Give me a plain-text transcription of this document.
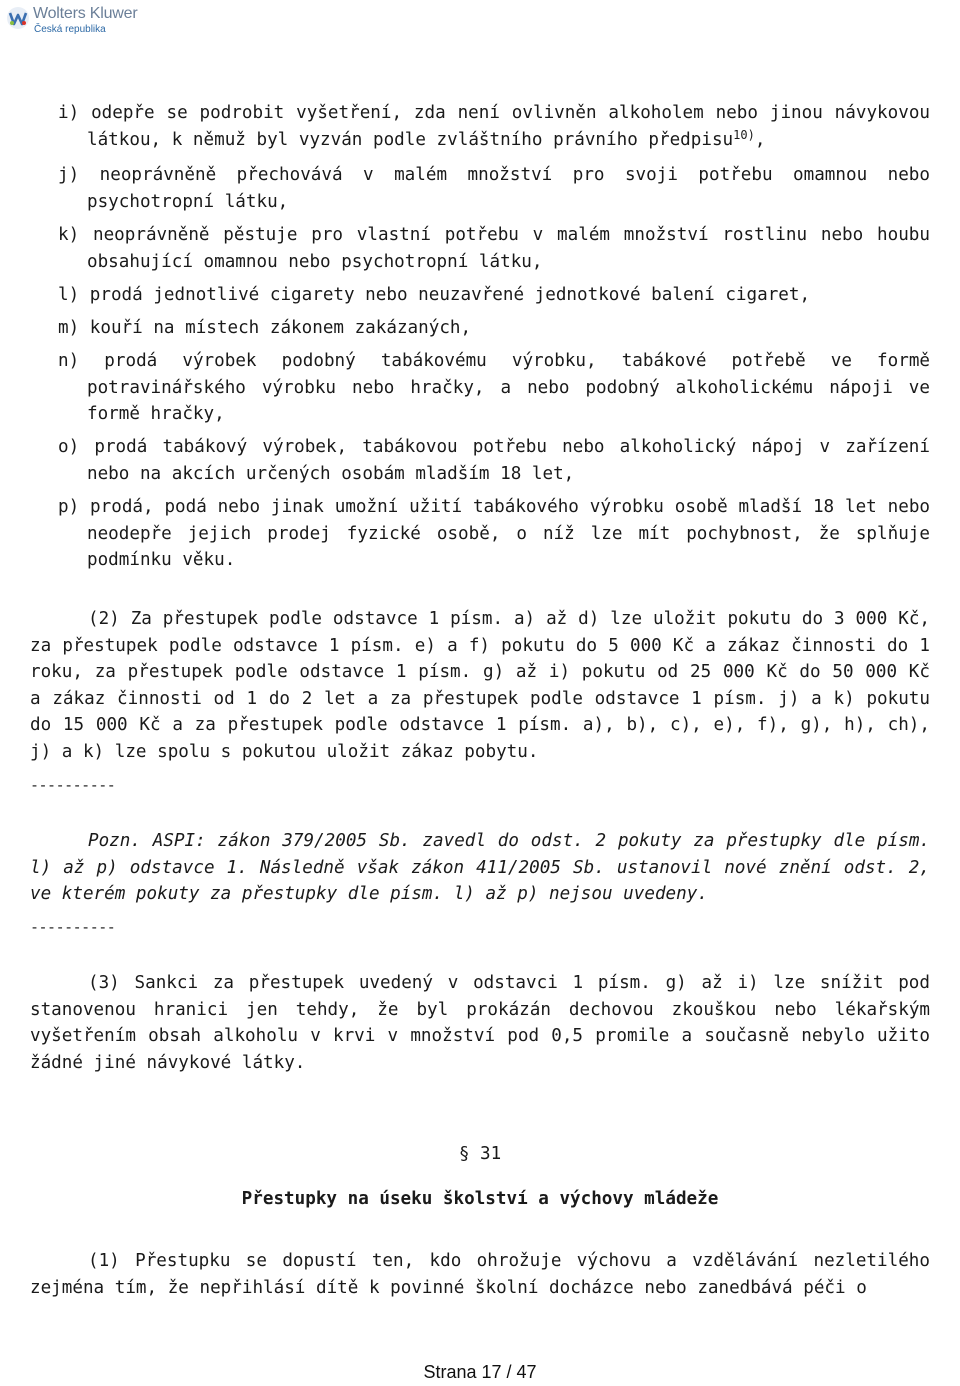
Wolters Kluwer
Česká republika
i) odepře se podrobit vyšetření, zda není ovlivněn alkoholem nebo jinou návykovou látkou, k němuž byl vyzván podle zvláštního právního předpisu$^{10)}$,
j) neoprávněně přechovává v malém množství pro svoji potřebu omamnou nebo psychotropní látku,
k) neoprávněně pěstuje pro vlastní potřebu v malém množství rostlinu nebo houbu obsahující omamnou nebo psychotropní látku,
l) prodá jednotlivé cigarety nebo neuzavřené jednotkové balení cigaret,
m) kouří na místech zákonem zakázaných,
n) prodá výrobek podobný tabákovému výrobku, tabákové potřebě ve formě potravinářského výrobku nebo hračky, a nebo podobný alkoholickému nápoji ve formě hračky,
o) prodá tabákový výrobek, tabákovou potřebu nebo alkoholický nápoj v zařízení nebo na akcích určených osobám mladším 18 let,
p) prodá, podá nebo jinak umožní užití tabákového výrobku osobě mladší 18 let nebo neodepře jejich prodej fyzické osobě, o níž lze mít pochybnost, že splňuje podmínku věku.
(2) Za přestupek podle odstavce 1 písm. a) až d) lze uložit pokutu do 3 000 Kč, za přestupek podle odstavce 1 písm. e) a f) pokutu do 5 000 Kč a zákaz činnosti do 1 roku, za přestupek podle odstavce 1 písm. g) až i) pokutu od 25 000 Kč do 50 000 Kč a zákaz činnosti od 1 do 2 let a za přestupek podle odstavce 1 písm. j) a k) pokutu do 15 000 Kč a za přestupek podle odstavce 1 písm. a), b), c), e), f), g), h), ch), j) a k) lze spolu s pokutou uložit zákaz pobytu.
----------
Pozn. ASPI: zákon 379/2005 Sb. zavedl do odst. 2 pokuty za přestupky dle písm. l) až p) odstavce 1. Následně však zákon 411/2005 Sb. ustanovil nové znění odst. 2, ve kterém pokuty za přestupky dle písm. l) až p) nejsou uvedeny.
----------
(3) Sankci za přestupek uvedený v odstavci 1 písm. g) až i) lze snížit pod stanovenou hranici jen tehdy, že byl prokázán dechovou zkouškou nebo lékařským vyšetřením obsah alkoholu v krvi v množství pod 0,5 promile a současně nebylo užito žádné jiné návykové látky.
§ 31
Přestupky na úseku školství a výchovy mládeže
(1) Přestupku se dopustí ten, kdo ohrožuje výchovu a vzdělávání nezletilého zejména tím, že nepřihlásí dítě k povinné školní docházce nebo zanedbává péči o
Strana 17 / 47
